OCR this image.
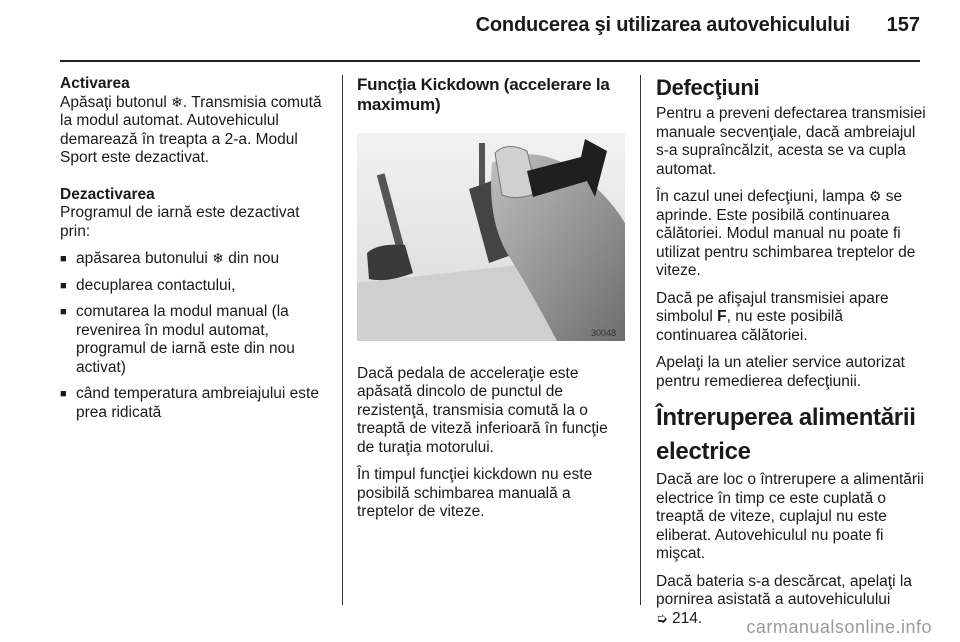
Conducerea şi utilizarea autovehiculului 157

Activarea

Apăsaţi butonul ❄. Transmisia comută la modul automat. Autovehiculul demarează în treapta a 2-a. Modul Sport este dezactivat.

Dezactivarea

Programul de iarnă este dezactivat prin:

■ apăsarea butonului ❄ din nou
■ decuplarea contactului,
■ comutarea la modul manual (la revenirea în modul automat, programul de iarnă este din nou activat)
■ când temperatura ambreiajului este prea ridicată
Funcţia Kickdown (accelerare la maximum)
30048

Dacă pedala de acceleraţie este apăsată dincolo de punctul de rezistenţă, transmisia comută la o treaptă de viteză inferioară în funcţie de turaţia motorului.

În timpul funcţiei kickdown nu este posibilă schimbarea manuală a treptelor de viteze.

Defecţiuni

Pentru a preveni defectarea transmisiei manuale secvenţiale, dacă ambreiajul s-a supraîncălzit, acesta se va cupla automat.

În cazul unei defecţiuni, lampa ⚙ se aprinde. Este posibilă continuarea călătoriei. Modul manual nu poate fi utilizat pentru schimbarea treptelor de viteze.

Dacă pe afişajul transmisiei apare simbolul F, nu este posibilă continuarea călătoriei.

Apelaţi la un atelier service autorizat pentru remedierea defecţiunii.

Întreruperea alimentării electrice

Dacă are loc o întrerupere a alimentării electrice în timp ce este cuplată o treaptă de viteze, cuplajul nu este eliberat. Autovehiculul nu poate fi mişcat.

Dacă bateria s-a descărcat, apelaţi la pornirea asistată a autovehiculului
➭ 214.	carmanualsonline.info
